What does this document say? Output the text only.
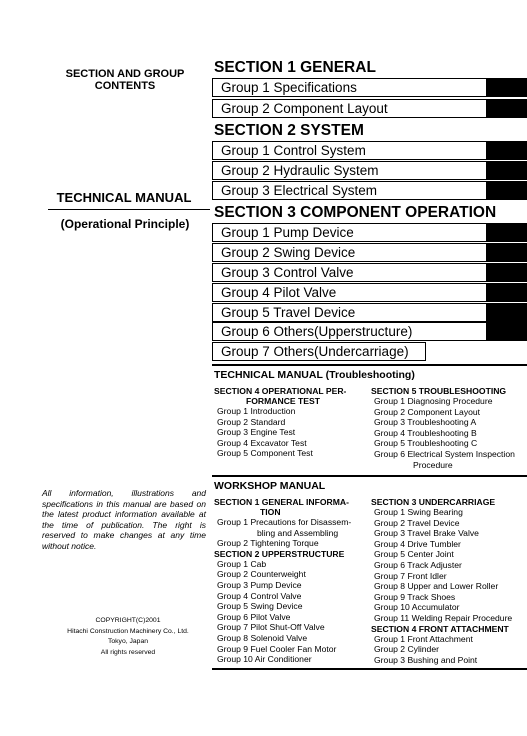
SECTION AND GROUP CONTENTS
TECHNICAL MANUAL
(Operational Principle)
All information, illustrations and specifications in this manual are based on the latest product information available at the time of publication. The right is reserved to make changes at any time without notice.
COPYRIGHT(C)2001
Hitachi Construction Machinery Co., Ltd.
Tokyo, Japan
All rights reserved
SECTION 1 GENERAL
Group 1 Specifications
Group 2 Component Layout
SECTION 2 SYSTEM
Group 1 Control System
Group 2 Hydraulic System
Group 3 Electrical System
SECTION 3 COMPONENT OPERATION
Group 1 Pump Device
Group 2 Swing Device
Group 3 Control Valve
Group 4 Pilot Valve
Group 5 Travel Device
Group 6 Others(Upperstructure)
Group 7 Others(Undercarriage)
TECHNICAL MANUAL (Troubleshooting)
SECTION 4 OPERATIONAL PER-
FORMANCE TEST
Group 1 Introduction
Group 2 Standard
Group 3 Engine Test
Group 4 Excavator Test
Group 5 Component Test
SECTION 5 TROUBLESHOOTING
Group 1 Diagnosing Procedure
Group 2 Component Layout
Group 3 Troubleshooting A
Group 4 Troubleshooting B
Group 5 Troubleshooting C
Group 6 Electrical System Inspection
Procedure
WORKSHOP MANUAL
SECTION 1 GENERAL INFORMA-
TION
Group 1 Precautions for Disassem-
bling and Assembling
Group 2 Tightening Torque
SECTION 2 UPPERSTRUCTURE
Group 1 Cab
Group 2 Counterweight
Group 3 Pump Device
Group 4 Control Valve
Group 5 Swing Device
Group 6 Pilot Valve
Group 7 Pilot Shut-Off Valve
Group 8 Solenoid Valve
Group 9 Fuel Cooler Fan Motor
Group 10 Air Conditioner
SECTION 3 UNDERCARRIAGE
Group 1 Swing Bearing
Group 2 Travel Device
Group 3 Travel Brake Valve
Group 4 Drive Tumbler
Group 5 Center Joint
Group 6 Track Adjuster
Group 7 Front Idler
Group 8 Upper and Lower Roller
Group 9 Track Shoes
Group 10 Accumulator
Group 11 Welding Repair Procedure
SECTION 4 FRONT ATTACHMENT
Group 1 Front Attachment
Group 2 Cylinder
Group 3 Bushing and Point
